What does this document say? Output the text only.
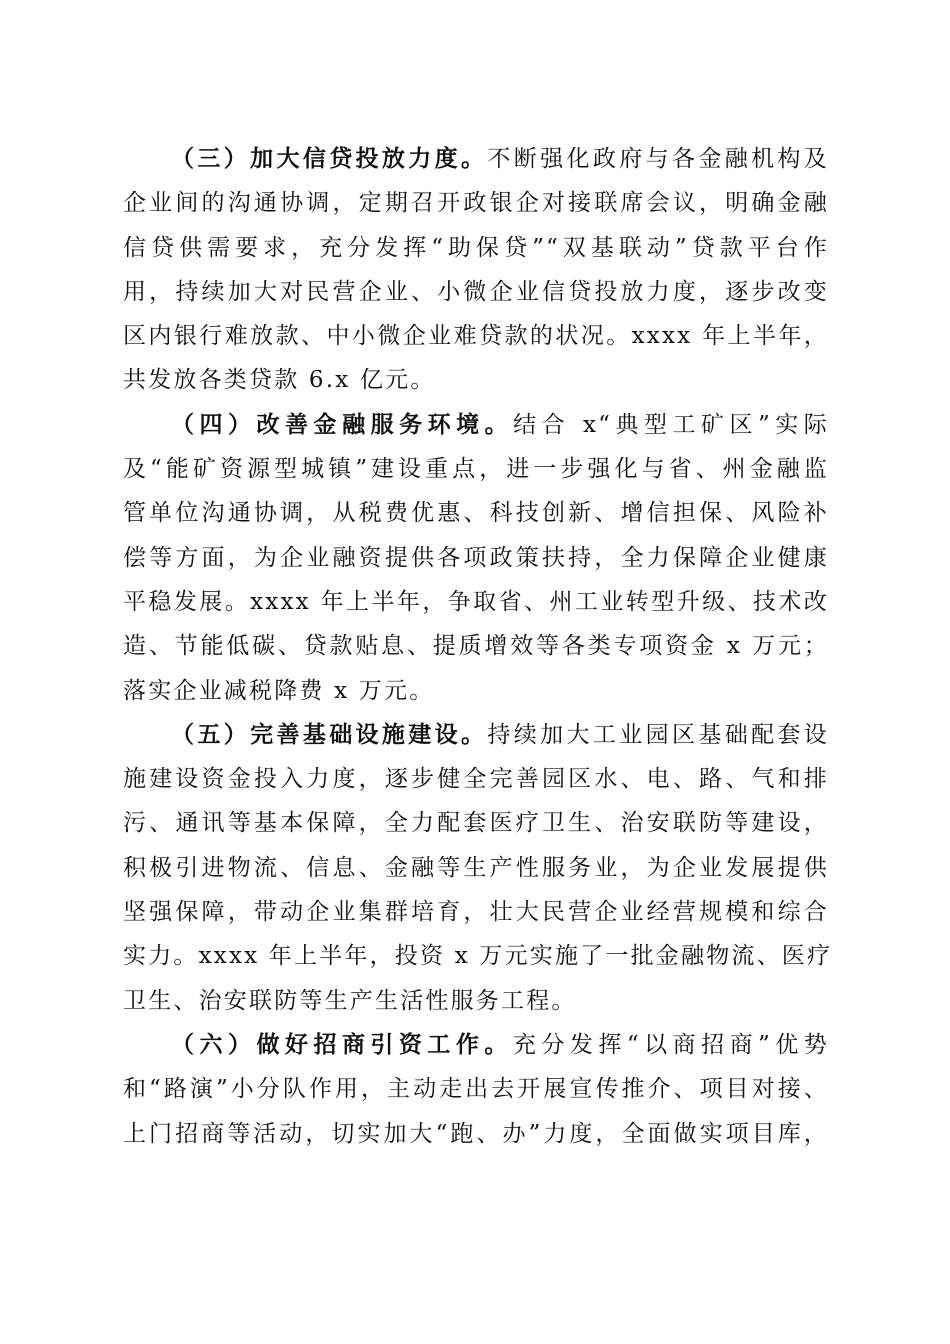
（三）加大信贷投放力度。不断强化政府与各金融机构及
企业间的沟通协调，定期召开政银企对接联席会议，明确金融
信贷供需要求，充分发挥“助保贷”“双基联动”贷款平台作
用，持续加大对民营企业、小微企业信贷投放力度，逐步改变
区内银行难放款、中小微企业难贷款的状况。xxxx 年上半年，
共发放各类贷款 6.x 亿元。
（四）改善金融服务环境。结合 x“典型工矿区”实际
及“能矿资源型城镇”建设重点，进一步强化与省、州金融监
管单位沟通协调，从税费优惠、科技创新、增信担保、风险补
偿等方面，为企业融资提供各项政策扶持，全力保障企业健康
平稳发展。xxxx 年上半年，争取省、州工业转型升级、技术改
造、节能低碳、贷款贴息、提质增效等各类专项资金 x 万元；
落实企业减税降费 x 万元。
（五）完善基础设施建设。持续加大工业园区基础配套设
施建设资金投入力度，逐步健全完善园区水、电、路、气和排
污、通讯等基本保障，全力配套医疗卫生、治安联防等建设，
积极引进物流、信息、金融等生产性服务业，为企业发展提供
坚强保障，带动企业集群培育，壮大民营企业经营规模和综合
实力。xxxx 年上半年，投资 x 万元实施了一批金融物流、医疗
卫生、治安联防等生产生活性服务工程。
（六）做好招商引资工作。充分发挥“以商招商”优势
和“路演”小分队作用，主动走出去开展宣传推介、项目对接、
上门招商等活动，切实加大“跑、办”力度，全面做实项目库，
